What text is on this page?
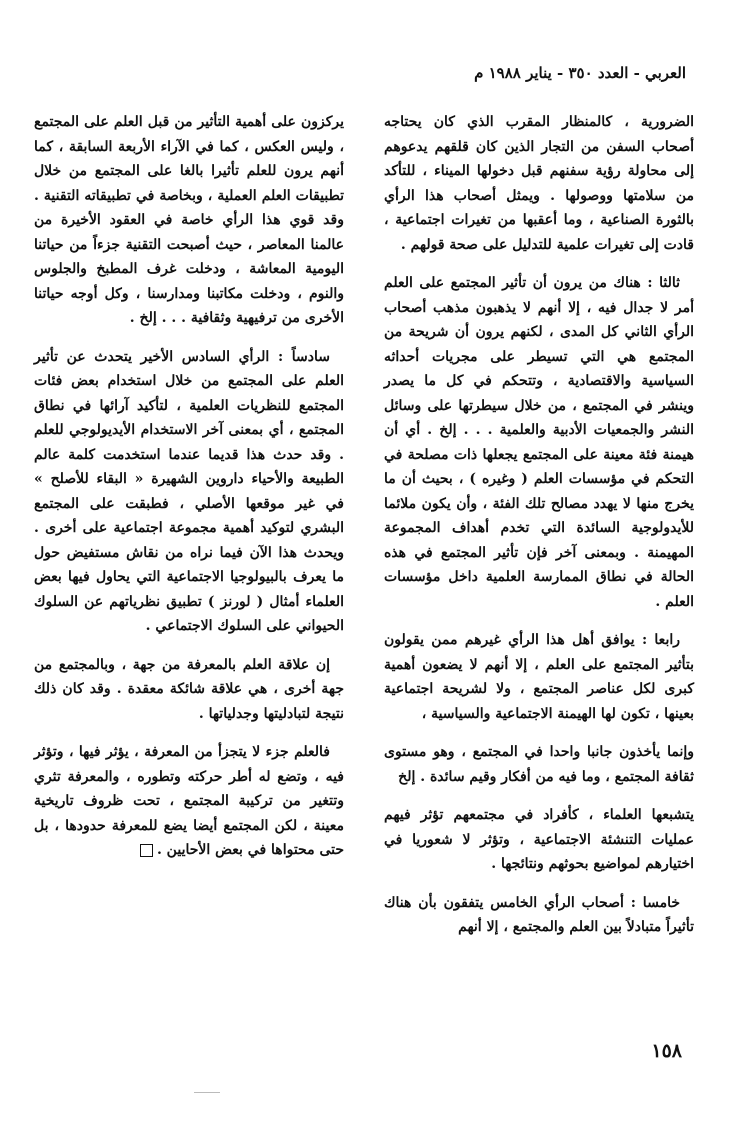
العربي - العدد ٣٥٠ - يناير ١٩٨٨ م

الضرورية ، كالمنظار المقرب الذي كان يحتاجه أصحاب السفن من التجار الذين كان قلقهم يدعوهم إلى محاولة رؤية سفنهم قبل دخولها الميناء ، للتأكد من سلامتها ووصولها . ويمثل أصحاب هذا الرأي بالثورة الصناعية ، وما أعقبها من تغيرات اجتماعية ، قادت إلى تغيرات علمية للتدليل على صحة قولهم .

ثالثا : هناك من يرون أن تأثير المجتمع على العلم أمر لا جدال فيه ، إلا أنهم لا يذهبون مذهب أصحاب الرأي الثاني كل المدى ، لكنهم يرون أن شريحة من المجتمع هي التي تسيطر على مجريات أحداثه السياسية والاقتصادية ، وتتحكم في كل ما يصدر وينشر في المجتمع ، من خلال سيطرتها على وسائل النشر والجمعيات الأدبية والعلمية . . . إلخ . أي أن هيمنة فئة معينة على المجتمع يجعلها ذات مصلحة في التحكم في مؤسسات العلم ( وغيره ) ، بحيث أن ما يخرج منها لا يهدد مصالح تلك الفئة ، وأن يكون ملائما للأيدولوجية السائدة التي تخدم أهداف المجموعة المهيمنة . وبمعنى آخر فإن تأثير المجتمع في هذه الحالة في نطاق الممارسة العلمية داخل مؤسسات العلم .

رابعا : يوافق أهل هذا الرأي غيرهم ممن يقولون بتأثير المجتمع على العلم ، إلا أنهم لا يضعون أهمية كبرى لكل عناصر المجتمع ، ولا لشريحة اجتماعية بعينها ، تكون لها الهيمنة الاجتماعية والسياسية ،

وإنما يأخذون جانبا واحدا في المجتمع ، وهو مستوى ثقافة المجتمع ، وما فيه من أفكار وقيم سائدة . إلخ

يتشبعها العلماء ، كأفراد في مجتمعهم تؤثر فيهم عمليات التنشئة الاجتماعية ، وتؤثر لا شعوريا في اختيارهم لمواضيع بحوثهم ونتائجها .

خامسا : أصحاب الرأي الخامس يتفقون بأن هناك تأثيراً متبادلاً بين العلم والمجتمع ، إلا أنهم

يركزون على أهمية التأثير من قبل العلم على المجتمع ، وليس العكس ، كما في الآراء الأربعة السابقة ، كما أنهم يرون للعلم تأثيرا بالغا على المجتمع من خلال تطبيقات العلم العملية ، وبخاصة في تطبيقاته التقنية . وقد قوي هذا الرأي خاصة في العقود الأخيرة من عالمنا المعاصر ، حيث أصبحت التقنية جزءاً من حياتنا اليومية المعاشة ، ودخلت غرف المطبخ والجلوس والنوم ، ودخلت مكاتبنا ومدارسنا ، وكل أوجه حياتنا الأخرى من ترفيهية وثقافية . . . إلخ .

سادساً : الرأي السادس الأخير يتحدث عن تأثير العلم على المجتمع من خلال استخدام بعض فئات المجتمع للنظريات العلمية ، لتأكيد آرائها في نطاق المجتمع ، أي بمعنى آخر الاستخدام الأيديولوجي للعلم . وقد حدث هذا قديما عندما استخدمت كلمة عالم الطبيعة والأحياء داروين الشهيرة « البقاء للأصلح » في غير موقعها الأصلي ، فطبقت على المجتمع البشري لتوكيد أهمية مجموعة اجتماعية على أخرى . ويحدث هذا الآن فيما نراه من نقاش مستفيض حول ما يعرف بالبيولوجيا الاجتماعية التي يحاول فيها بعض العلماء أمثال ( لورنز ) تطبيق نظرياتهم عن السلوك الحيواني على السلوك الاجتماعي .

إن علاقة العلم بالمعرفة من جهة ، وبالمجتمع من جهة أخرى ، هي علاقة شائكة معقدة . وقد كان ذلك نتيجة لتبادليتها وجدلياتها .

فالعلم جزء لا يتجزأ من المعرفة ، يؤثر فيها ، وتؤثر فيه ، وتضع له أطر حركته وتطوره ، والمعرفة تثري وتتغير من تركيبة المجتمع ، تحت ظروف تاريخية معينة ، لكن المجتمع أيضا يضع للمعرفة حدودها ، بل حتى محتواها في بعض الأحايين .

١٥٨
